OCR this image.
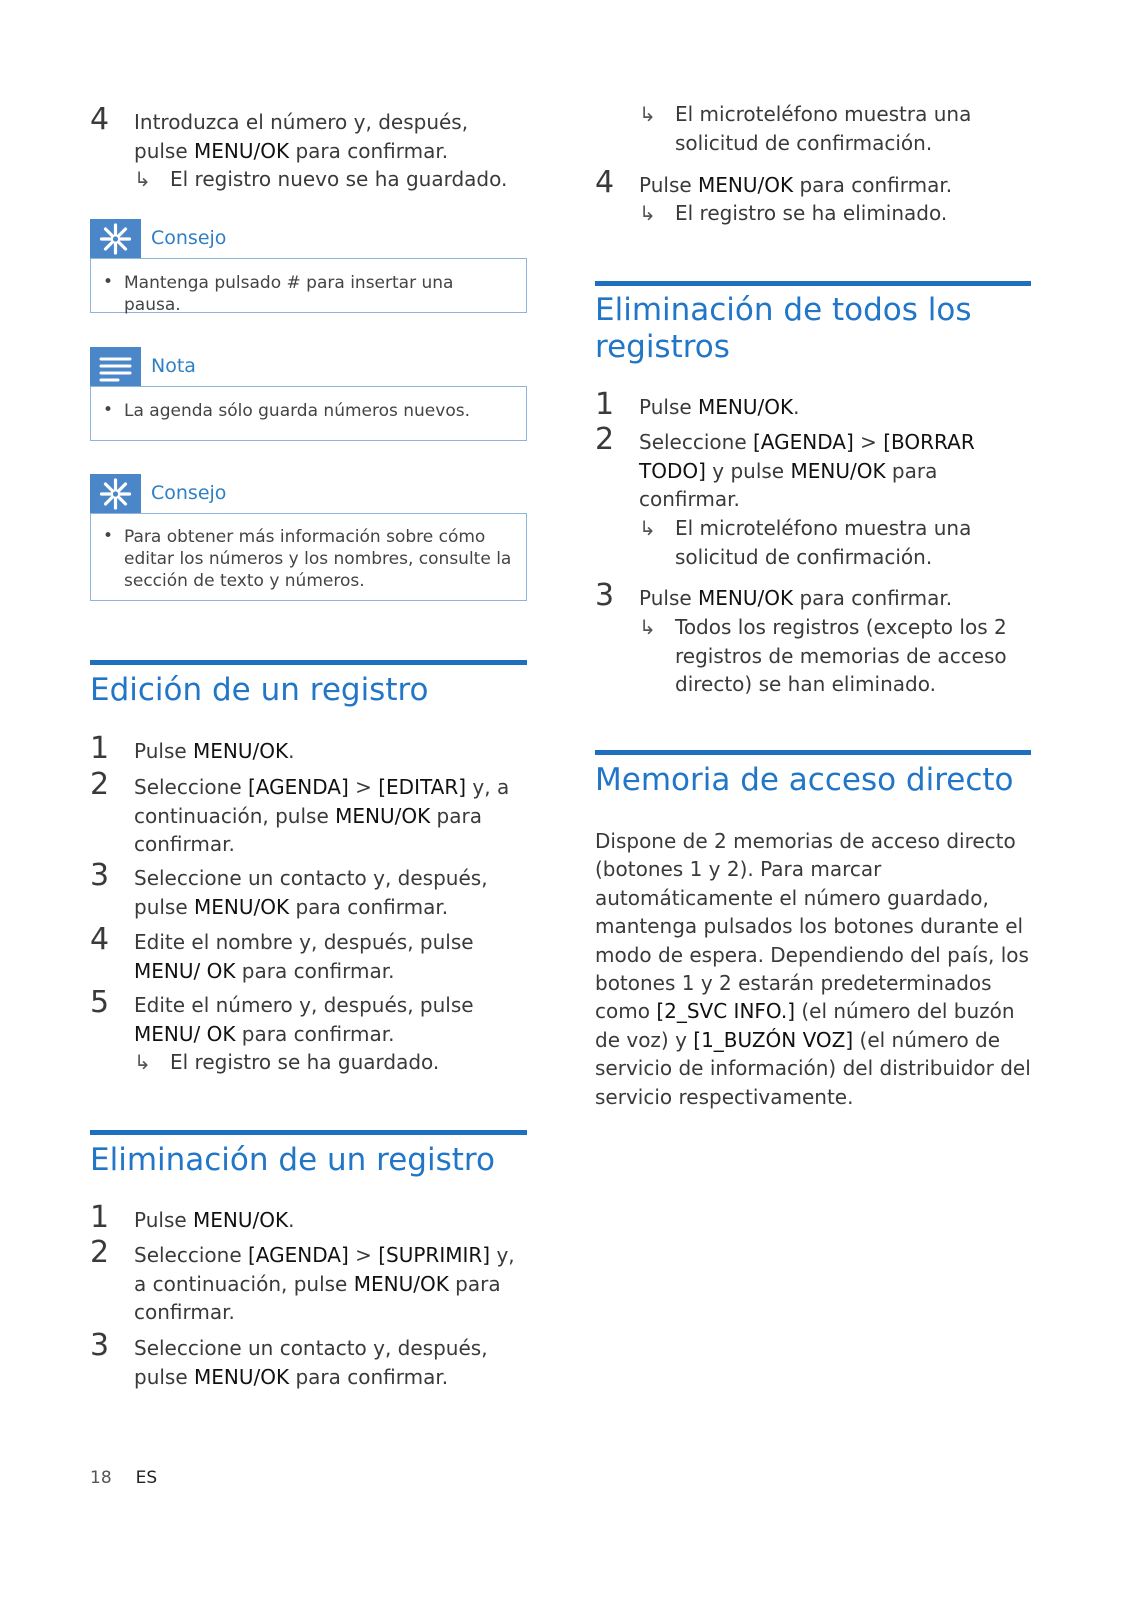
4 Introduzca el número y, después, pulse MENU/OK para confirmar.
↳ El registro nuevo se ha guardado.
Consejo
• Mantenga pulsado # para insertar una pausa.
Nota
• La agenda sólo guarda números nuevos.
Consejo
• Para obtener más información sobre cómo editar los números y los nombres, consulte la sección de texto y números.
Edición de un registro
1 Pulse MENU/OK.
2 Seleccione [AGENDA] > [EDITAR] y, a continuación, pulse MENU/OK para confirmar.
3 Seleccione un contacto y, después, pulse MENU/OK para confirmar.
4 Edite el nombre y, después, pulse MENU/ OK para confirmar.
5 Edite el número y, después, pulse MENU/ OK para confirmar.
↳ El registro se ha guardado.
Eliminación de un registro
1 Pulse MENU/OK.
2 Seleccione [AGENDA] > [SUPRIMIR] y, a continuación, pulse MENU/OK para confirmar.
3 Seleccione un contacto y, después, pulse MENU/OK para confirmar.
↳ El microteléfono muestra una solicitud de confirmación.
4 Pulse MENU/OK para confirmar.
↳ El registro se ha eliminado.
Eliminación de todos los registros
1 Pulse MENU/OK.
2 Seleccione [AGENDA] > [BORRAR TODO] y pulse MENU/OK para confirmar.
↳ El microteléfono muestra una solicitud de confirmación.
3 Pulse MENU/OK para confirmar.
↳ Todos los registros (excepto los 2 registros de memorias de acceso directo) se han eliminado.
Memoria de acceso directo
Dispone de 2 memorias de acceso directo (botones 1 y 2). Para marcar automáticamente el número guardado, mantenga pulsados los botones durante el modo de espera. Dependiendo del país, los botones 1 y 2 estarán predeterminados como [2_SVC INFO.] (el número del buzón de voz) y [1_BUZÓN VOZ] (el número de servicio de información) del distribuidor del servicio respectivamente.
18 ES
